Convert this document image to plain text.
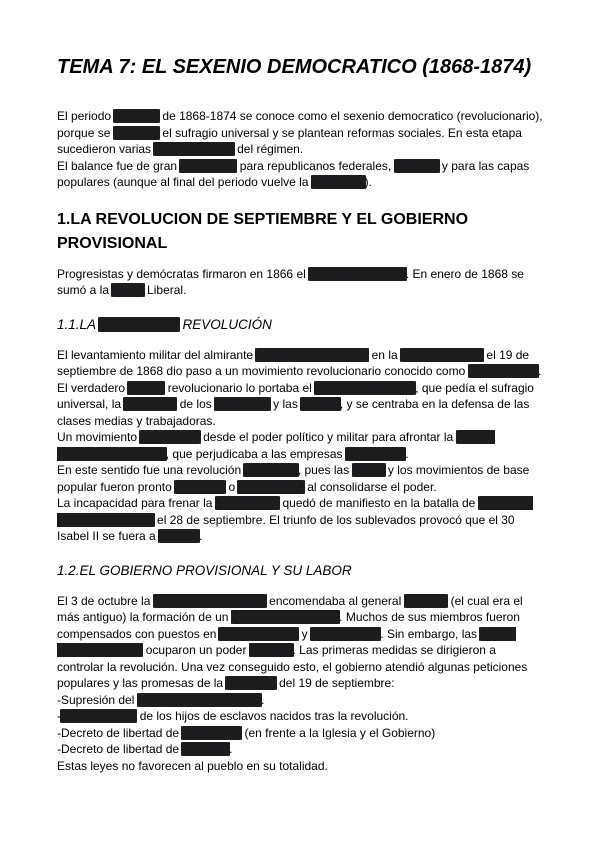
TEMA 7: EL SEXENIO DEMOCRATICO (1868-1874)
El periodo histórico de 1868-1874 se conoce como el sexenio democratico (revolucionario), porque se implanta el sufragio universal y se plantean reformas sociales. En esta etapa sucedieron varias modificaciones del régimen.
El balance fue de gran frustración para republicanos federales, carlistas y para las capas populares (aunque al final del periodo vuelve la oligarquía).
1.LA REVOLUCION DE SEPTIEMBRE Y EL GOBIERNO PROVISIONAL
Progresistas y demócratas firmaron en 1866 el Pacto de Ourense. En enero de 1868 se sumó a la Unión Liberal.
1.1.LA “GLORIOSA” REVOLUCIÓN
El levantamiento militar del almirante Juan Bautista Topete en la Bahía de Cádiz el 19 de septiembre de 1868 dio paso a un movimiento revolucionario conocido como “La Gloriosa”.
El verdadero ideario revolucionario lo portaba el Partido Demócrata, que pedía el sufragio universal, la supresión de los consumos y las quintas, y se centraba en la defensa de las clases medias y trabajadoras.
Un movimiento organizado desde el poder político y militar para afrontar la pésima situación económica, que perjudicaba a las empresas ferroviarias.
En este sentido fue una revolución “falseada”, pues las juntas y los movimientos de base popular fueron pronto excluidos o perseguidos al consolidarse el poder.
La incapacidad para frenar la sublevación quedó de manifiesto en la batalla de Puente de Alcolea (Córdoba) el 28 de septiembre. El triunfo de los sublevados provocó que el 30 Isabel II se fuera a Francia.
1.2.EL GOBIERNO PROVISIONAL Y SU LABOR
El 3 de octubre la Junta Revolucionaria encomendaba al general Serrano (el cual era el más antiguo) la formación de un gobierno provisional. Muchos de sus miembros fueron compensados con puestos en Ayuntamientos y Diputaciones. Sin embargo, las Juntas Revolucionarias ocuparon un poder paralelo. Las primeras medidas se dirigieron a controlar la revolución. Una vez conseguido esto, el gobierno atendió algunas peticiones populares y las promesas de la proclama del 19 de septiembre:
-Supresión del impuesto de consumos.
-Emancipación de los hijos de esclavos nacidos tras la revolución.
-Decreto de libertad de enseñanza (en frente a la Iglesia y el Gobierno)
-Decreto de libertad de imprenta.
Estas leyes no favorecen al pueblo en su totalidad.
